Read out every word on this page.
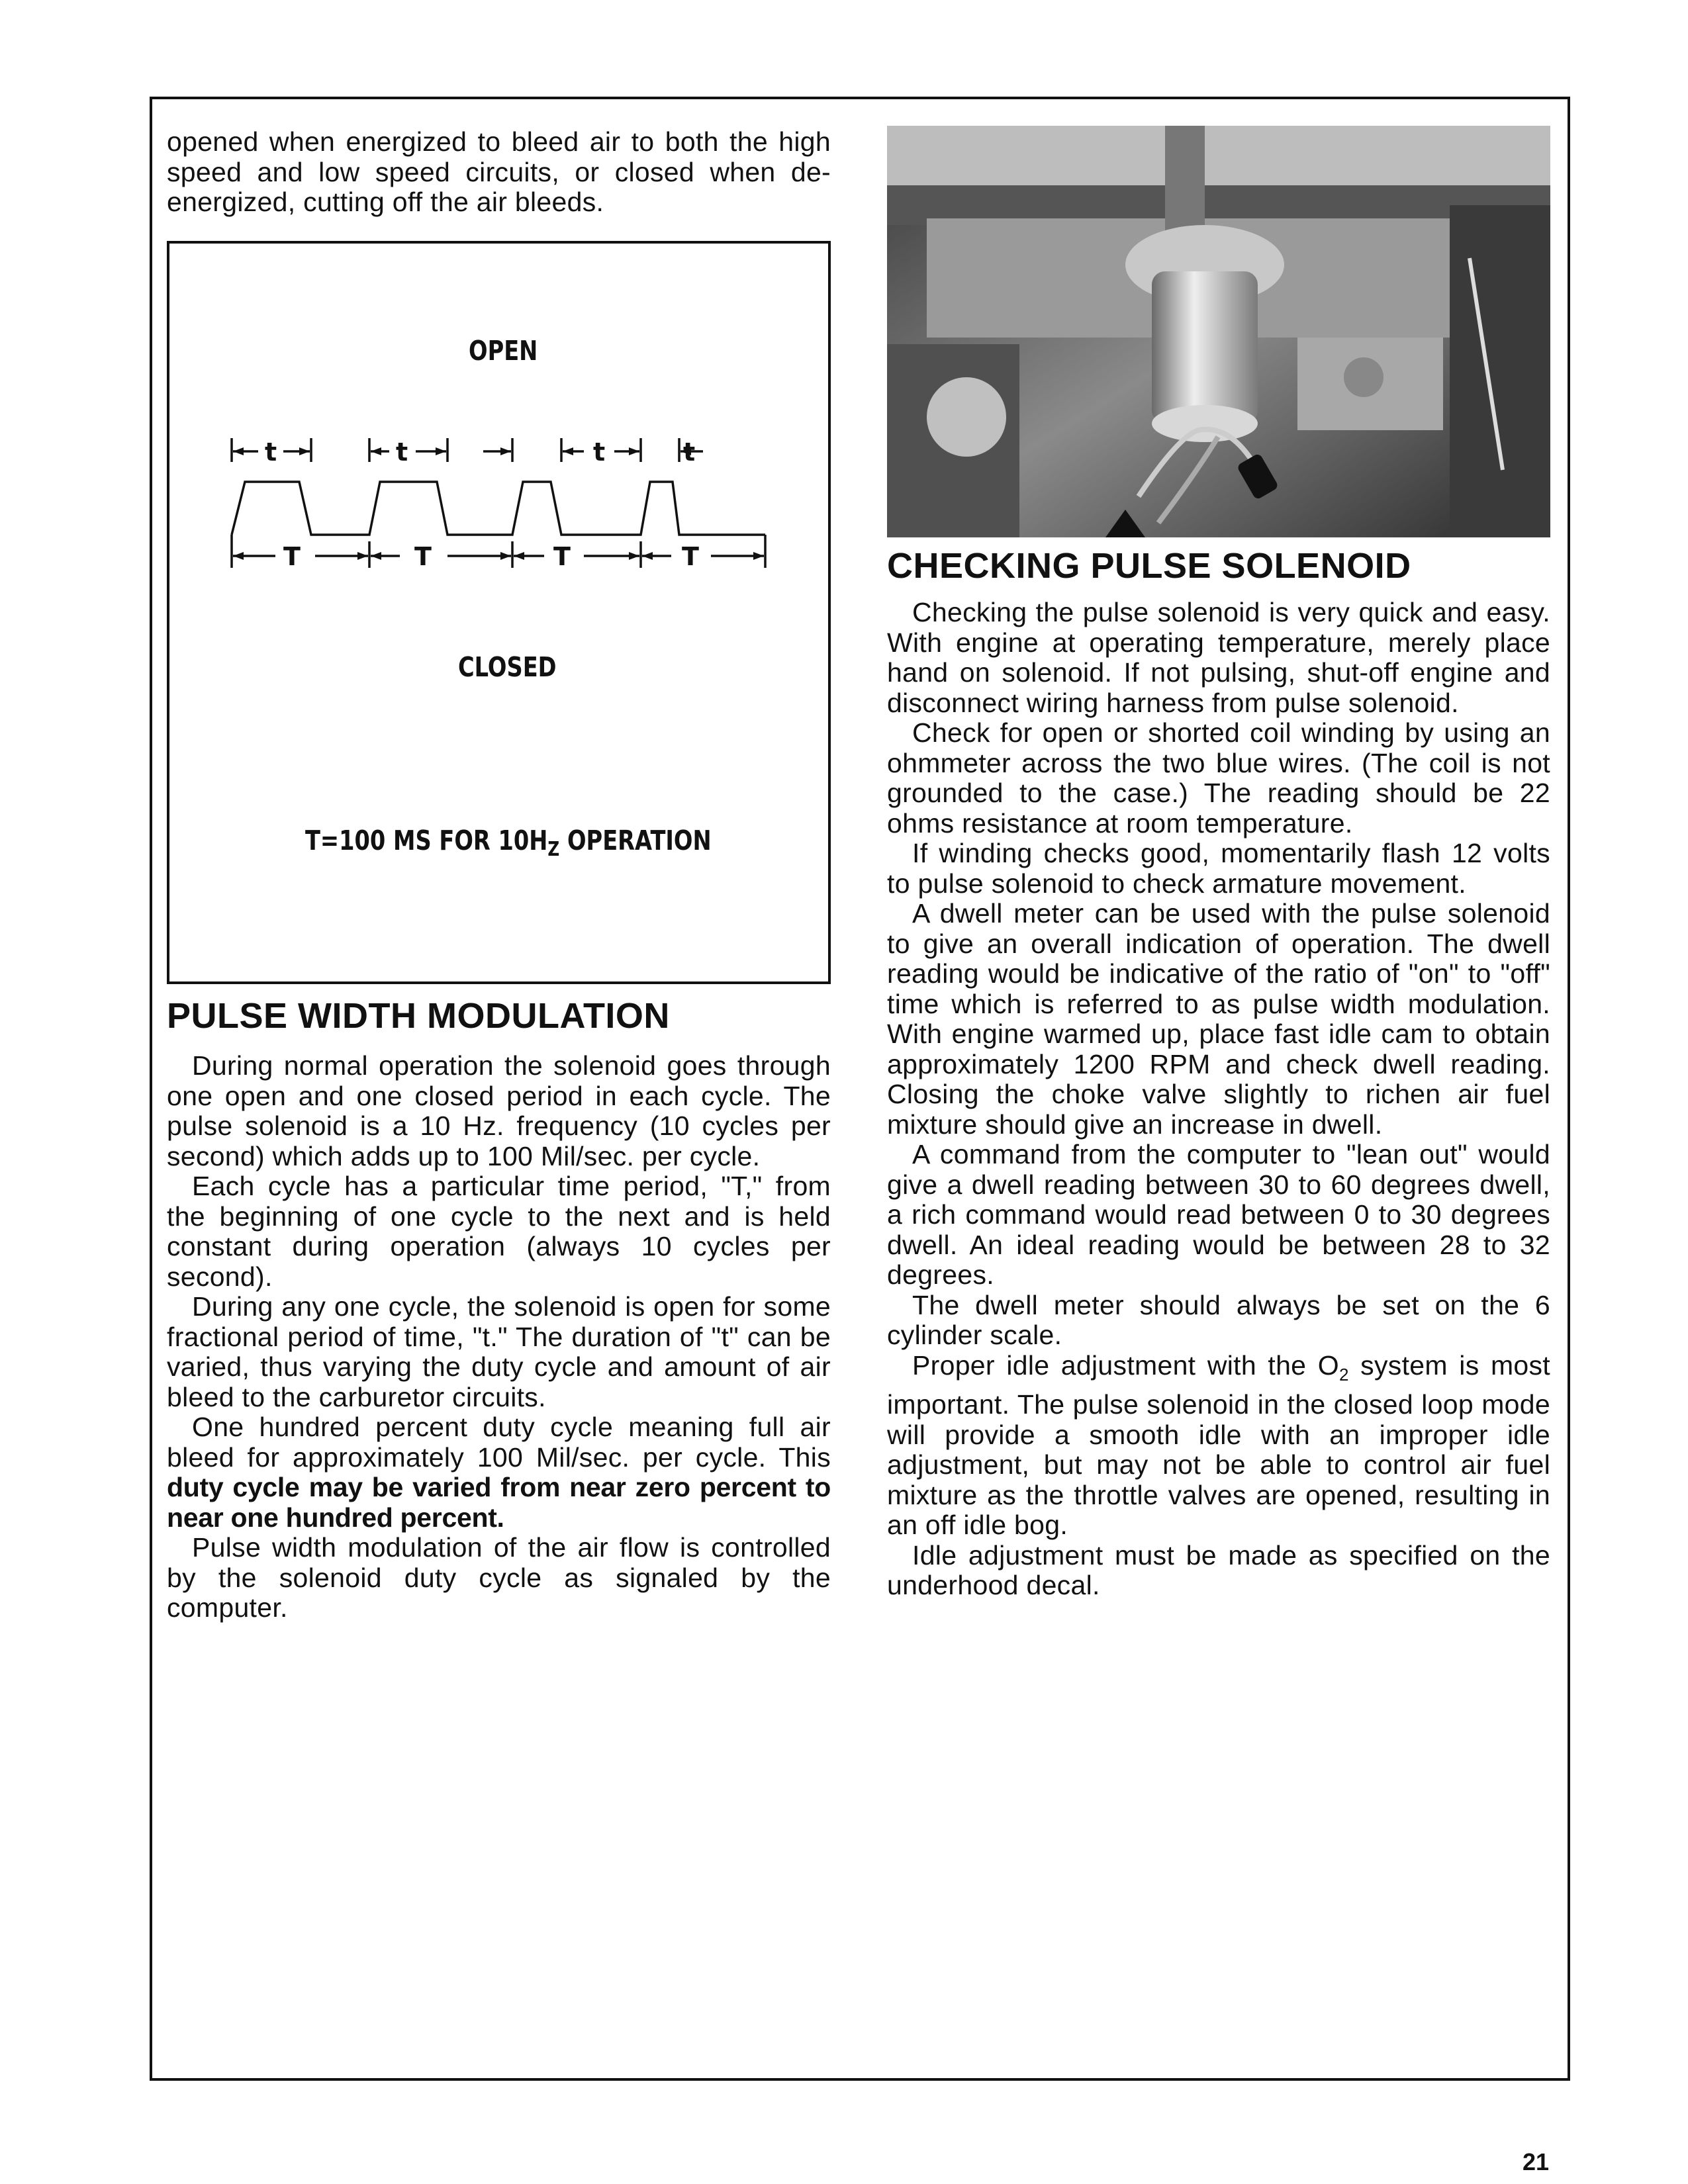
opened when energized to bleed air to both the high speed and low speed circuits, or closed when de-energized, cutting off the air bleeds.

OPEN
t	t	t	t
T	T	T	T
CLOSED
T=100 MS FOR $10H_Z$ OPERATION
PULSE WIDTH MODULATION

During normal operation the solenoid goes through one open and one closed period in each cycle. The pulse solenoid is a 10 Hz. frequency (10 cycles per second) which adds up to 100 Mil/sec. per cycle.

Each cycle has a particular time period, "T," from the beginning of one cycle to the next and is held constant during operation (always 10 cycles per second).

During any one cycle, the solenoid is open for some fractional period of time, "t." The duration of "t" can be varied, thus varying the duty cycle and amount of air bleed to the carburetor circuits.

One hundred percent duty cycle meaning full air bleed for approximately 100 Mil/sec. per cycle. This duty cycle may be varied from near zero percent to near one hundred percent.

Pulse width modulation of the air flow is controlled by the solenoid duty cycle as signaled by the computer.

CHECKING PULSE SOLENOID

Checking the pulse solenoid is very quick and easy. With engine at operating temperature, merely place hand on solenoid. If not pulsing, shut-off engine and disconnect wiring harness from pulse solenoid.

Check for open or shorted coil winding by using an ohmmeter across the two blue wires. (The coil is not grounded to the case.) The reading should be 22 ohms resistance at room temperature.

If winding checks good, momentarily flash 12 volts to pulse solenoid to check armature movement.

A dwell meter can be used with the pulse solenoid to give an overall indication of operation. The dwell reading would be indicative of the ratio of "on" to "off" time which is referred to as pulse width modulation. With engine warmed up, place fast idle cam to obtain approximately 1200 RPM and check dwell reading. Closing the choke valve slightly to richen air fuel mixture should give an increase in dwell.

A command from the computer to "lean out" would give a dwell reading between 30 to 60 degrees dwell, a rich command would read between 0 to 30 degrees dwell. An ideal reading would be between 28 to 32 degrees.

The dwell meter should always be set on the 6 cylinder scale.

Proper idle adjustment with the $O_2$ system is most important. The pulse solenoid in the closed loop mode will provide a smooth idle with an improper idle adjustment, but may not be able to control air fuel mixture as the throttle valves are opened, resulting in an off idle bog.

Idle adjustment must be made as specified on the underhood decal.

21
